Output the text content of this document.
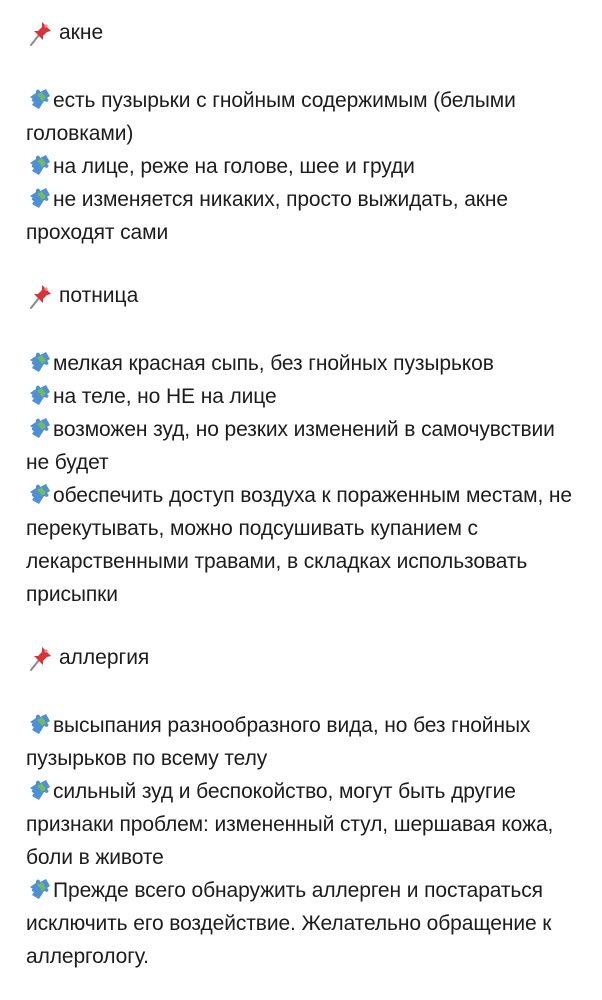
акне

есть пузырьки с гнойным содержимым (белыми головками)

на лице, реже на голове, шее и груди

не изменяется никаких, просто выжидать, акне проходят сами

потница

мелкая красная сыпь, без гнойных пузырьков

на теле, но НЕ на лице

возможен зуд, но резких изменений в самочувствии не будет

обеспечить доступ воздуха к пораженным местам, не перекутывать, можно подсушивать купанием с лекарственными травами, в складках использовать присыпки

аллергия

высыпания разнообразного вида, но без гнойных пузырьков по всему телу

сильный зуд и беспокойство, могут быть другие признаки проблем: измененный стул, шершавая кожа, боли в животе

Прежде всего обнаружить аллерген и постараться исключить его воздействие. Желательно обращение к аллергологу.
